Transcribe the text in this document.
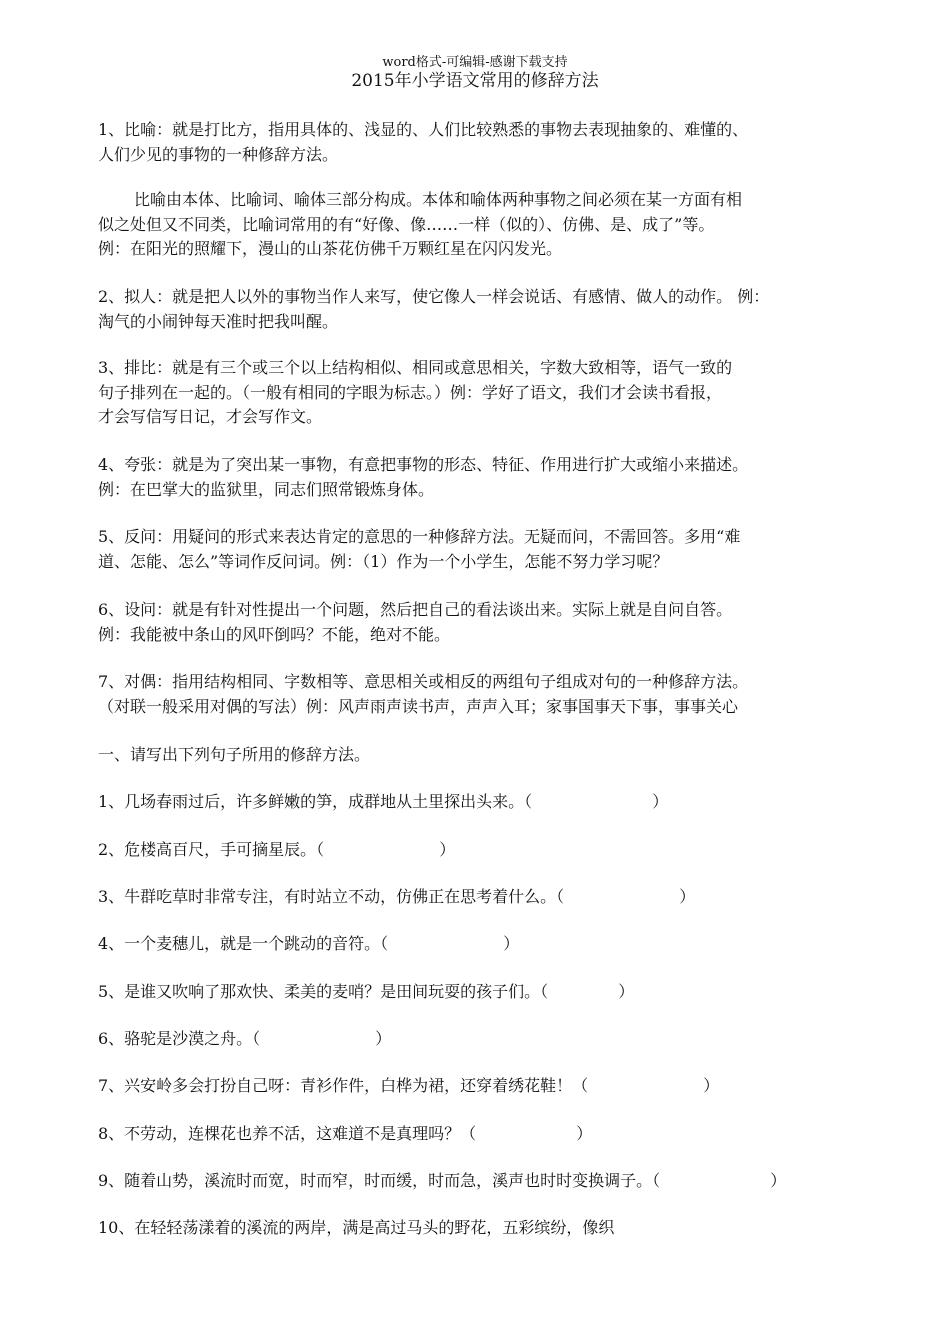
word格式-可编辑-感谢下载支持
2015年小学语文常用的修辞方法
1、比喻：就是打比方，指用具体的、浅显的、人们比较熟悉的事物去表现抽象的、难懂的、
人们少见的事物的一种修辞方法。
比喻由本体、比喻词、喻体三部分构成。本体和喻体两种事物之间必须在某一方面有相
似之处但又不同类，比喻词常用的有“好像、像……一样（似的）、仿佛、是、成了”等。
例：在阳光的照耀下，漫山的山茶花仿佛千万颗红星在闪闪发光。
2、拟人：就是把人以外的事物当作人来写，使它像人一样会说话、有感情、做人的动作。 例：
淘气的小闹钟每天准时把我叫醒。
3、排比：就是有三个或三个以上结构相似、相同或意思相关，字数大致相等，语气一致的
句子排列在一起的。（一般有相同的字眼为标志。）例：学好了语文，我们才会读书看报，
才会写信写日记，才会写作文。
4、夸张：就是为了突出某一事物，有意把事物的形态、特征、作用进行扩大或缩小来描述。
例：在巴掌大的监狱里，同志们照常锻炼身体。
5、反问：用疑问的形式来表达肯定的意思的一种修辞方法。无疑而问，不需回答。多用“难
道、怎能、怎么”等词作反问词。例：（1）作为一个小学生，怎能不努力学习呢？
6、设问：就是有针对性提出一个问题，然后把自己的看法谈出来。实际上就是自问自答。
例：我能被中条山的风吓倒吗？不能，绝对不能。
7、对偶：指用结构相同、字数相等、意思相关或相反的两组句子组成对句的一种修辞方法。
（对联一般采用对偶的写法）例：风声雨声读书声，声声入耳；家事国事天下事，事事关心
一、请写出下列句子所用的修辞方法。
1、几场春雨过后，许多鲜嫩的笋，成群地从土里探出头来。（	）
2、危楼高百尺，手可摘星辰。（	）
3、牛群吃草时非常专注，有时站立不动，仿佛正在思考着什么。（	）
4、一个麦穗儿，就是一个跳动的音符。（	）
5、是谁又吹响了那欢快、柔美的麦哨？是田间玩耍的孩子们。（	）
6、骆驼是沙漠之舟。（	）
7、兴安岭多会打扮自己呀：青衫作件，白桦为裙，还穿着绣花鞋！（	）
8、不劳动，连棵花也养不活，这难道不是真理吗？（	）
9、随着山势，溪流时而宽，时而窄，时而缓，时而急，溪声也时时变换调子。（	）
10、在轻轻荡漾着的溪流的两岸，满是高过马头的野花，五彩缤纷，像织
